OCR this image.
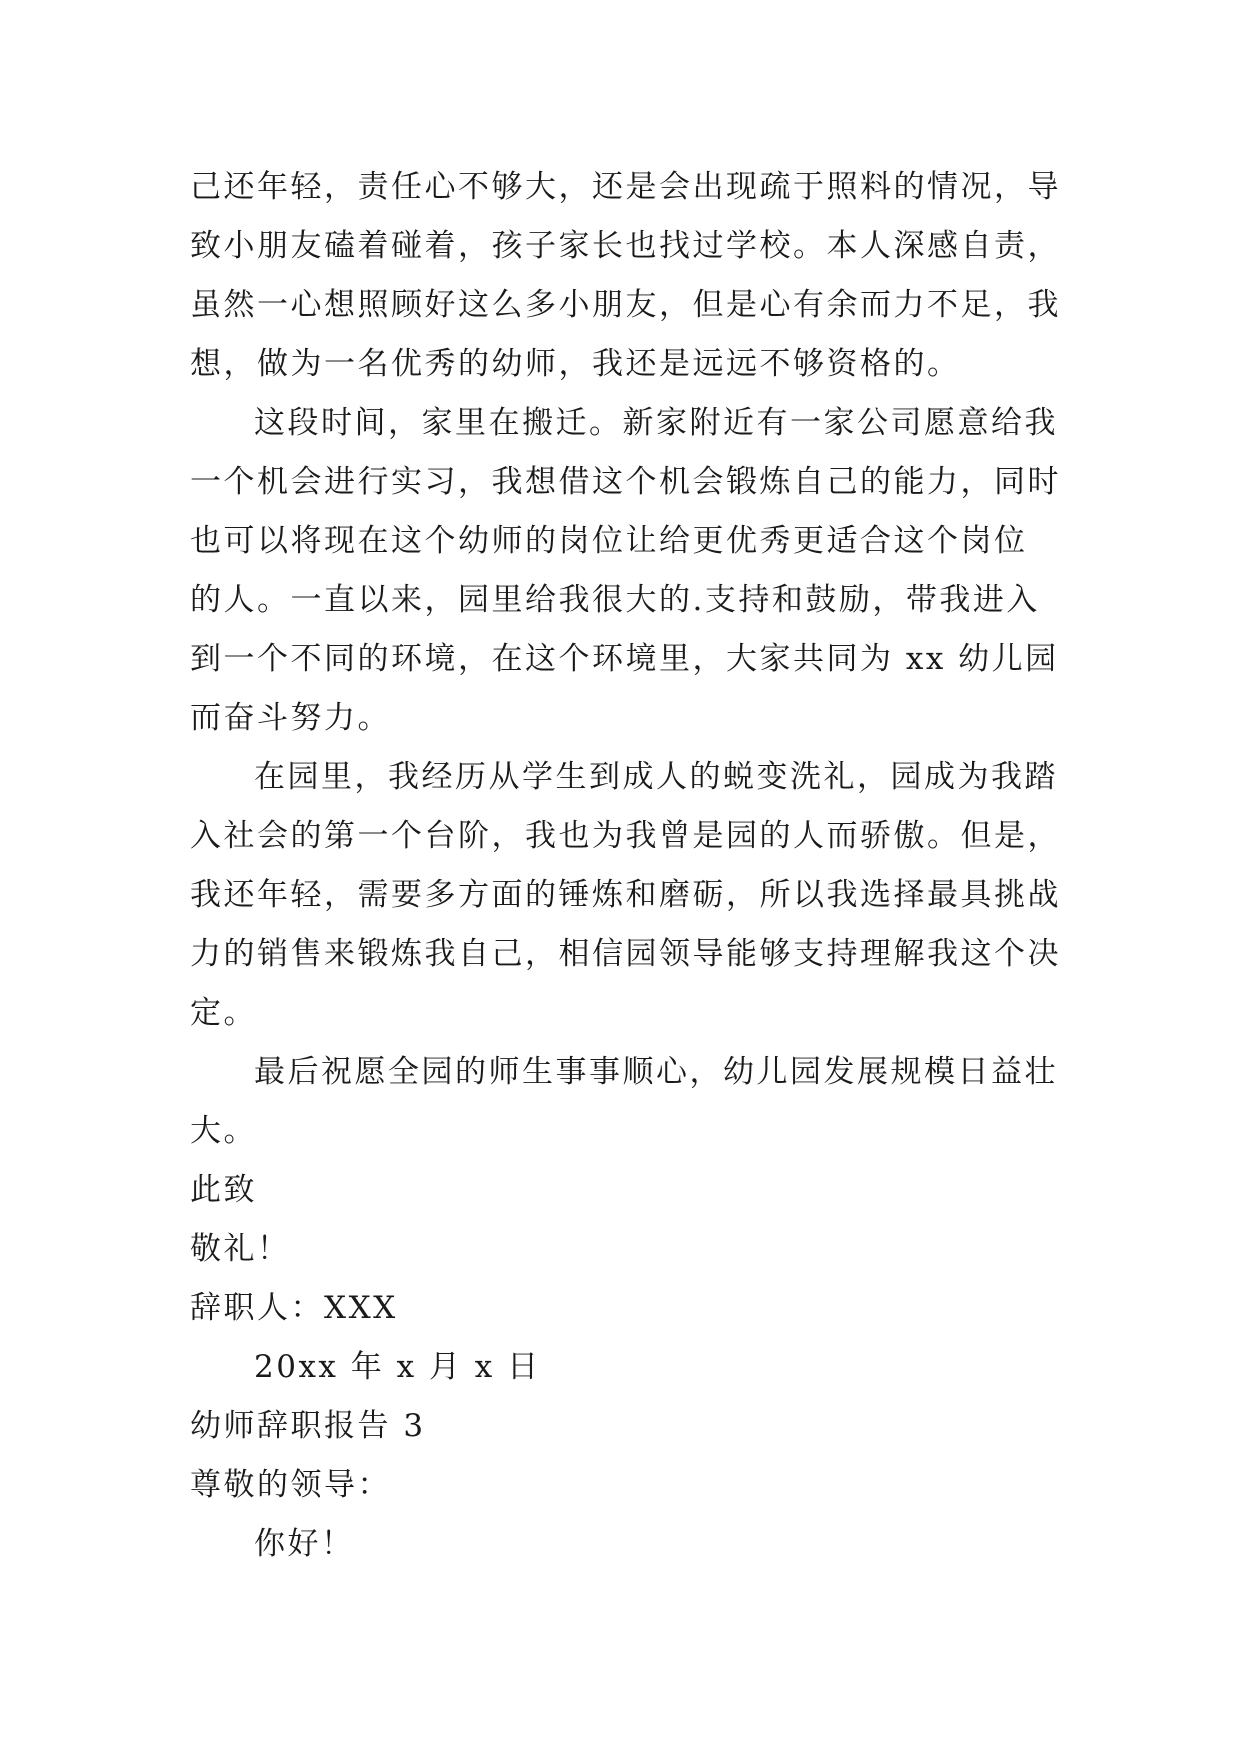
己还年轻，责任心不够大，还是会出现疏于照料的情况，导
致小朋友磕着碰着，孩子家长也找过学校。本人深感自责，
虽然一心想照顾好这么多小朋友，但是心有余而力不足，我
想，做为一名优秀的幼师，我还是远远不够资格的。
这段时间，家里在搬迁。新家附近有一家公司愿意给我
一个机会进行实习，我想借这个机会锻炼自己的能力，同时
也可以将现在这个幼师的岗位让给更优秀更适合这个岗位
的人。一直以来，园里给我很大的.支持和鼓励，带我进入
到一个不同的环境，在这个环境里，大家共同为 xx 幼儿园
而奋斗努力。
在园里，我经历从学生到成人的蜕变洗礼，园成为我踏
入社会的第一个台阶，我也为我曾是园的人而骄傲。但是，
我还年轻，需要多方面的锤炼和磨砺，所以我选择最具挑战
力的销售来锻炼我自己，相信园领导能够支持理解我这个决
定。
最后祝愿全园的师生事事顺心，幼儿园发展规模日益壮
大。
此致
敬礼！
辞职人：XXX
20xx 年 x 月 x 日
幼师辞职报告 3
尊敬的领导：
你好！
